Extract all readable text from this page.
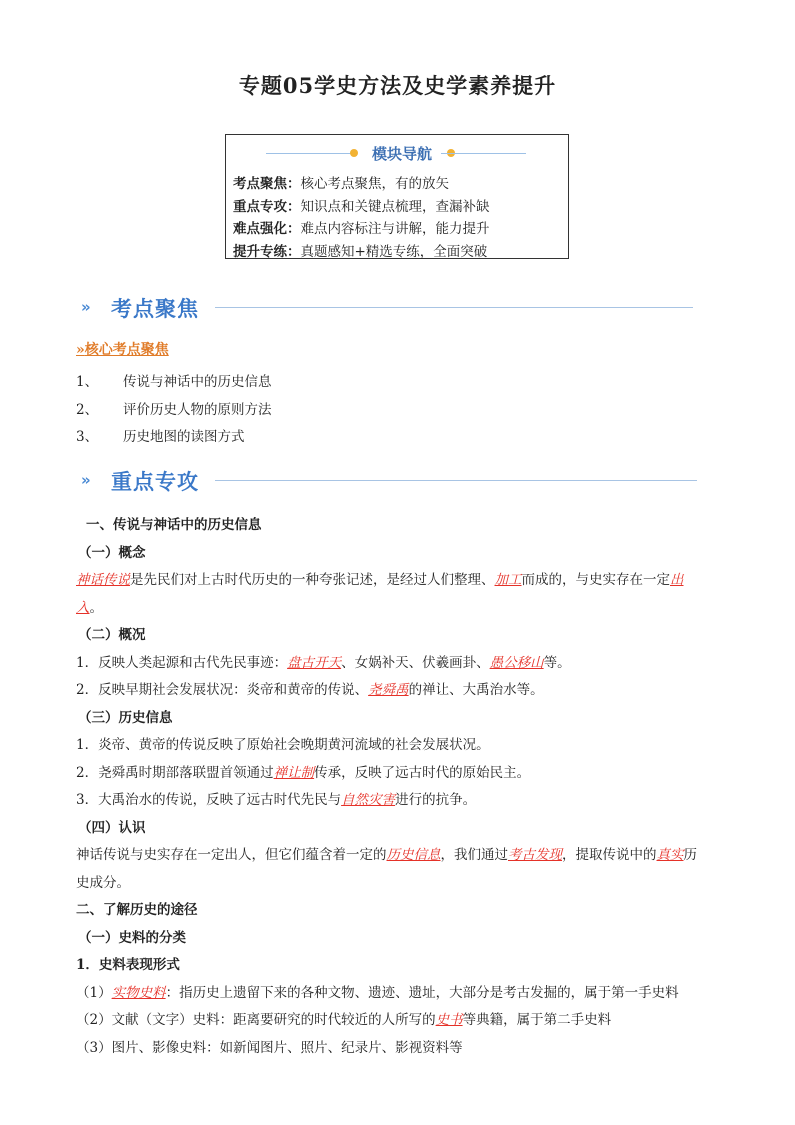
专题05学史方法及史学素养提升
模块导航
考点聚焦：核心考点聚焦，有的放矢
重点专攻：知识点和关键点梳理，查漏补缺
难点强化：难点内容标注与讲解，能力提升
提升专练：真题感知+精选专练，全面突破
» 考点聚焦
»核心考点聚焦
1、 传说与神话中的历史信息
2、 评价历史人物的原则方法
3、 历史地图的读图方式
» 重点专攻

一、传说与神话中的历史信息

（一）概念

神话传说是先民们对上古时代历史的一种夸张记述，是经过人们整理、加工而成的，与史实存在一定出
入。

（二）概况

1．反映人类起源和古代先民事迹：盘古开天、女娲补天、伏羲画卦、愚公移山等。

2．反映早期社会发展状况：炎帝和黄帝的传说、尧舜禹的禅让、大禹治水等。

（三）历史信息

1．炎帝、黄帝的传说反映了原始社会晚期黄河流域的社会发展状况。

2．尧舜禹时期部落联盟首领通过禅让制传承，反映了远古时代的原始民主。

3．大禹治水的传说，反映了远古时代先民与自然灾害进行的抗争。

（四）认识

神话传说与史实存在一定出人，但它们蕴含着一定的历史信息，我们通过考古发现，提取传说中的真实历
史成分。

二、了解历史的途径

（一）史料的分类

1．史料表现形式

（1）实物史料：指历史上遗留下来的各种文物、遗迹、遗址，大部分是考古发掘的，属于第一手史料

（2）文献（文字）史料：距离要研究的时代较近的人所写的史书等典籍，属于第二手史料

（3）图片、影像史料：如新闻图片、照片、纪录片、影视资料等
